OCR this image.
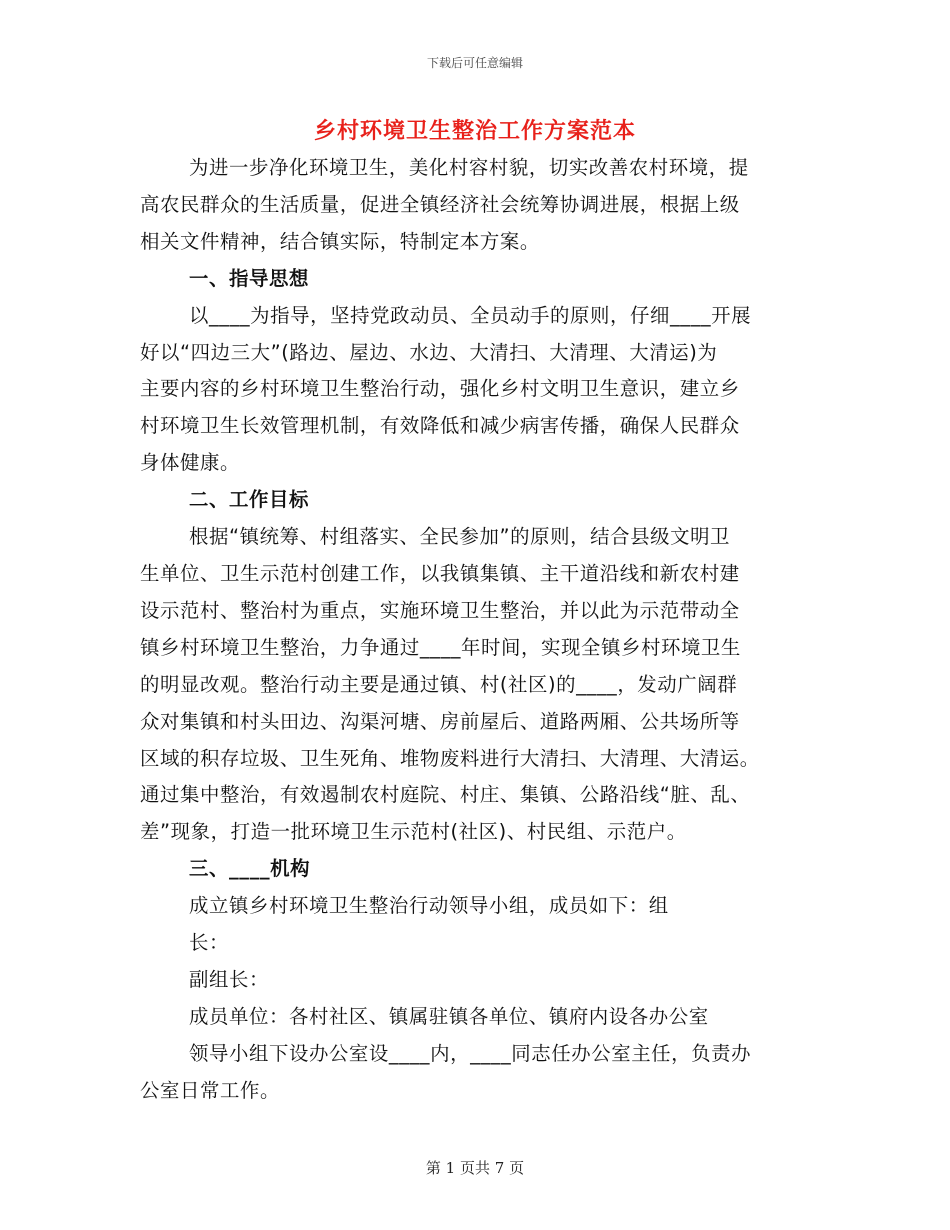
下载后可任意编辑
乡村环境卫生整治工作方案范本

为进一步净化环境卫生，美化村容村貌，切实改善农村环境，提

高农民群众的生活质量，促进全镇经济社会统筹协调进展，根据上级

相关文件精神，结合镇实际，特制定本方案。

一、指导思想

以____为指导，坚持党政动员、全员动手的原则，仔细____开展

好以“四边三大”(路边、屋边、水边、大清扫、大清理、大清运)为

主要内容的乡村环境卫生整治行动，强化乡村文明卫生意识，建立乡

村环境卫生长效管理机制，有效降低和减少病害传播，确保人民群众

身体健康。

二、工作目标

根据“镇统筹、村组落实、全民参加”的原则，结合县级文明卫

生单位、卫生示范村创建工作，以我镇集镇、主干道沿线和新农村建

设示范村、整治村为重点，实施环境卫生整治，并以此为示范带动全

镇乡村环境卫生整治，力争通过____年时间，实现全镇乡村环境卫生

的明显改观。整治行动主要是通过镇、村(社区)的____，发动广阔群

众对集镇和村头田边、沟渠河塘、房前屋后、道路两厢、公共场所等

区域的积存垃圾、卫生死角、堆物废料进行大清扫、大清理、大清运。

通过集中整治，有效遏制农村庭院、村庄、集镇、公路沿线“脏、乱、

差”现象，打造一批环境卫生示范村(社区)、村民组、示范户。

三、____机构

成立镇乡村环境卫生整治行动领导小组，成员如下：组

长：

副组长：

成员单位：各村社区、镇属驻镇各单位、镇府内设各办公室

领导小组下设办公室设____内，____同志任办公室主任，负责办

公室日常工作。

第 1 页共 7 页
